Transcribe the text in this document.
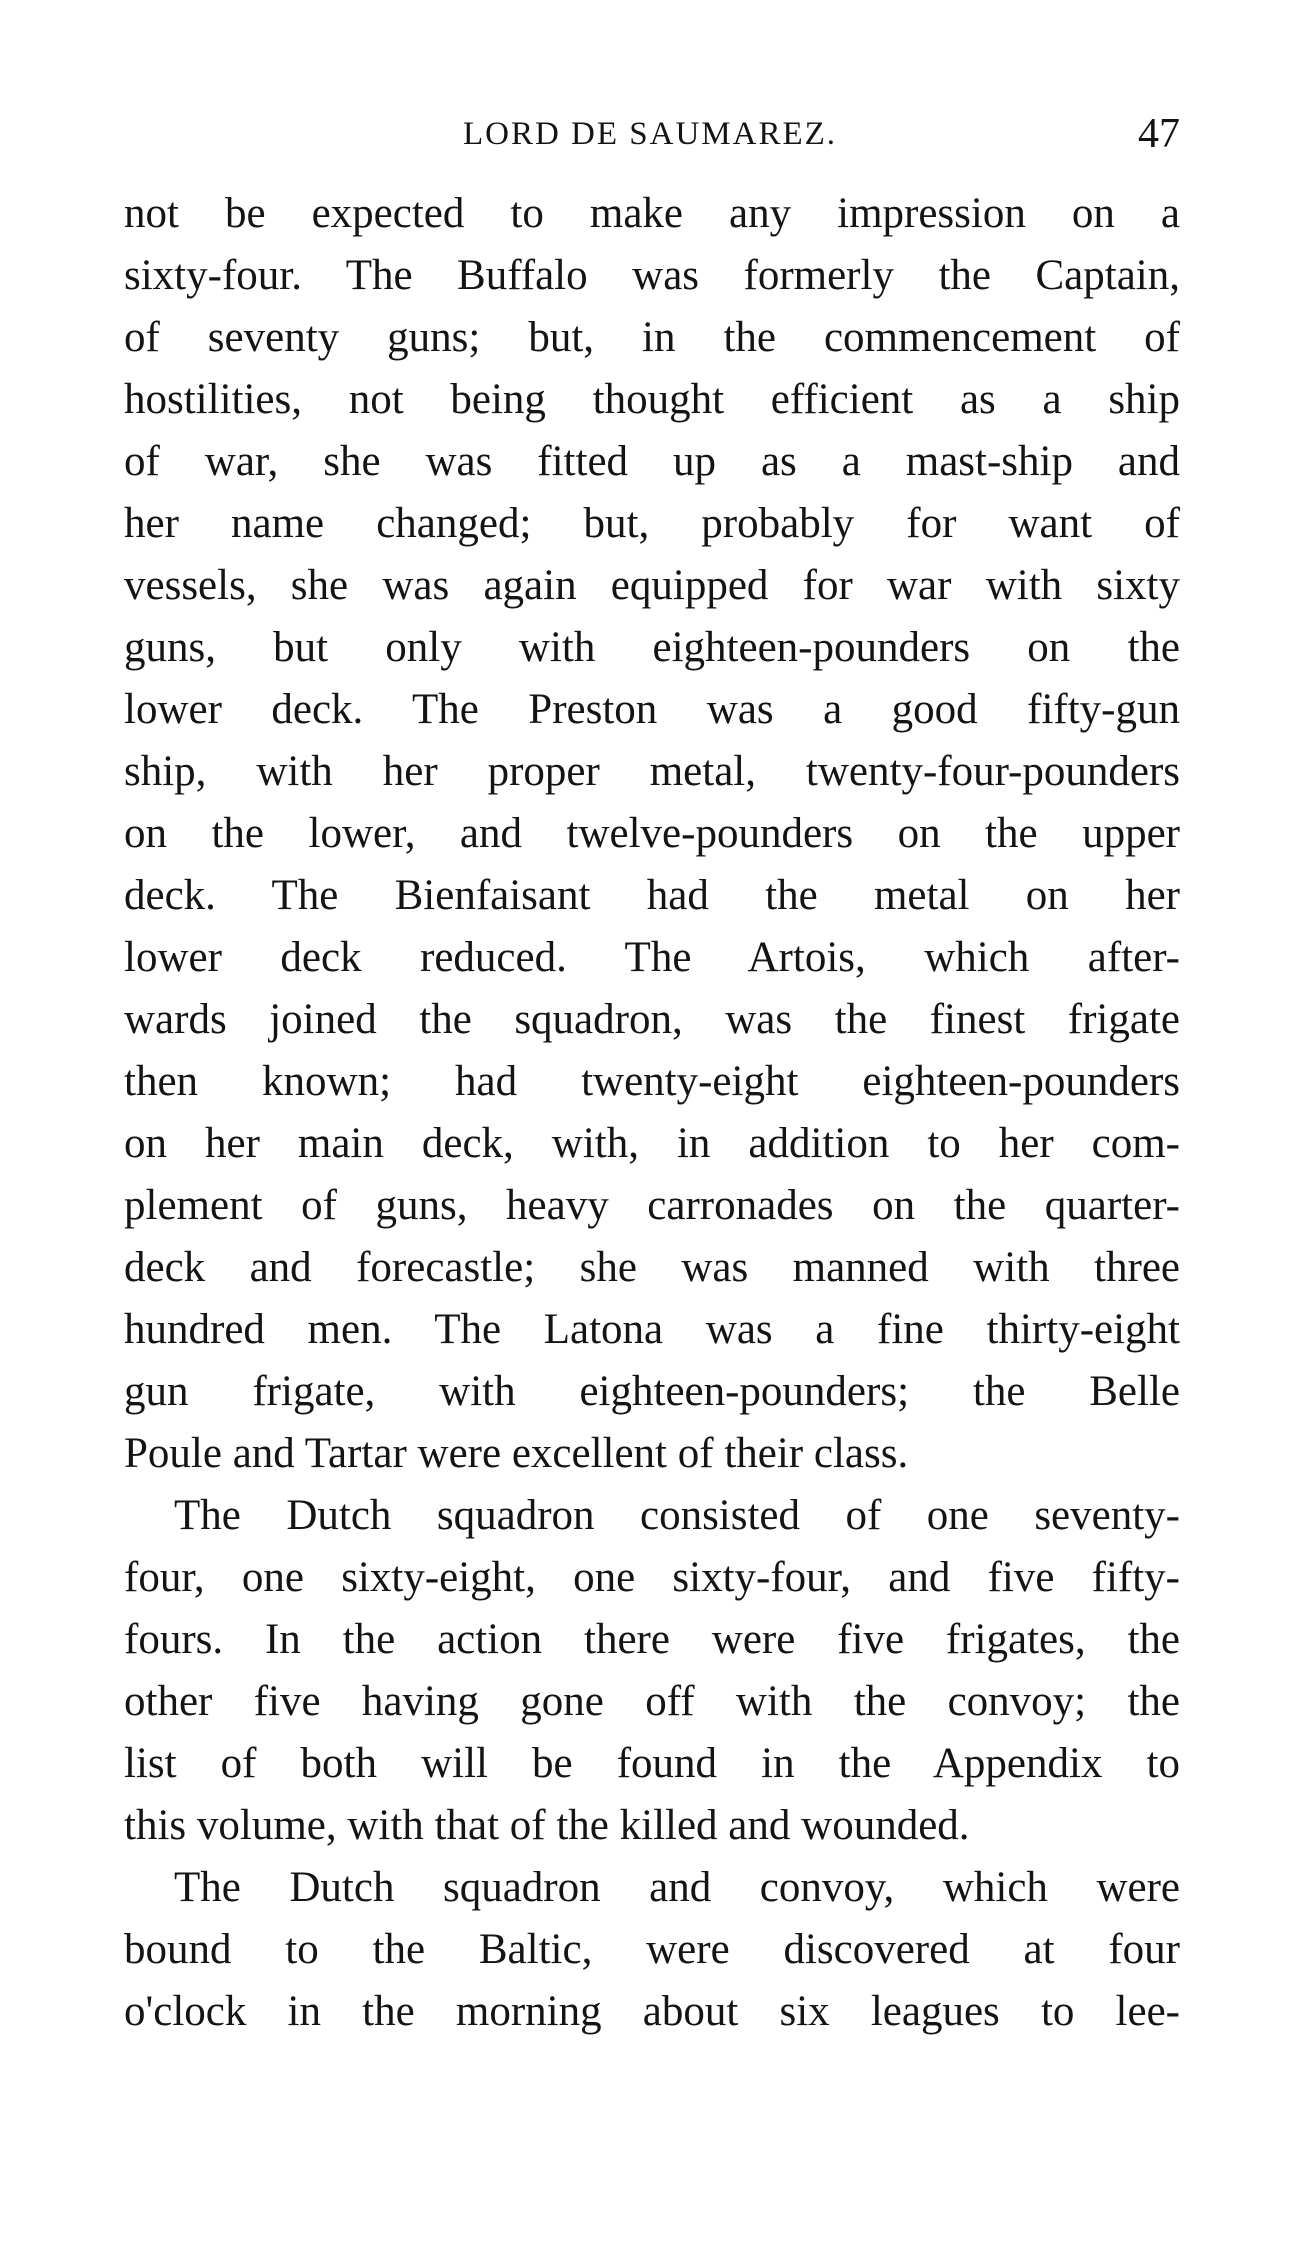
LORD DE SAUMAREZ.	47
not be expected to make any impression on a
sixty-four. The Buffalo was formerly the Captain,
of seventy guns; but, in the commencement of
hostilities, not being thought efficient as a ship
of war, she was fitted up as a mast-ship and
her name changed; but, probably for want of
vessels, she was again equipped for war with sixty
guns, but only with eighteen-pounders on the
lower deck. The Preston was a good fifty-gun
ship, with her proper metal, twenty-four-pounders
on the lower, and twelve-pounders on the upper
deck. The Bienfaisant had the metal on her
lower deck reduced. The Artois, which after-
wards joined the squadron, was the finest frigate
then known; had twenty-eight eighteen-pounders
on her main deck, with, in addition to her com-
plement of guns, heavy carronades on the quarter-
deck and forecastle; she was manned with three
hundred men. The Latona was a fine thirty-eight
gun frigate, with eighteen-pounders; the Belle
Poule and Tartar were excellent of their class.
The Dutch squadron consisted of one seventy-
four, one sixty-eight, one sixty-four, and five fifty-
fours. In the action there were five frigates, the
other five having gone off with the convoy; the
list of both will be found in the Appendix to
this volume, with that of the killed and wounded.
The Dutch squadron and convoy, which were
bound to the Baltic, were discovered at four
o'clock in the morning about six leagues to lee-
